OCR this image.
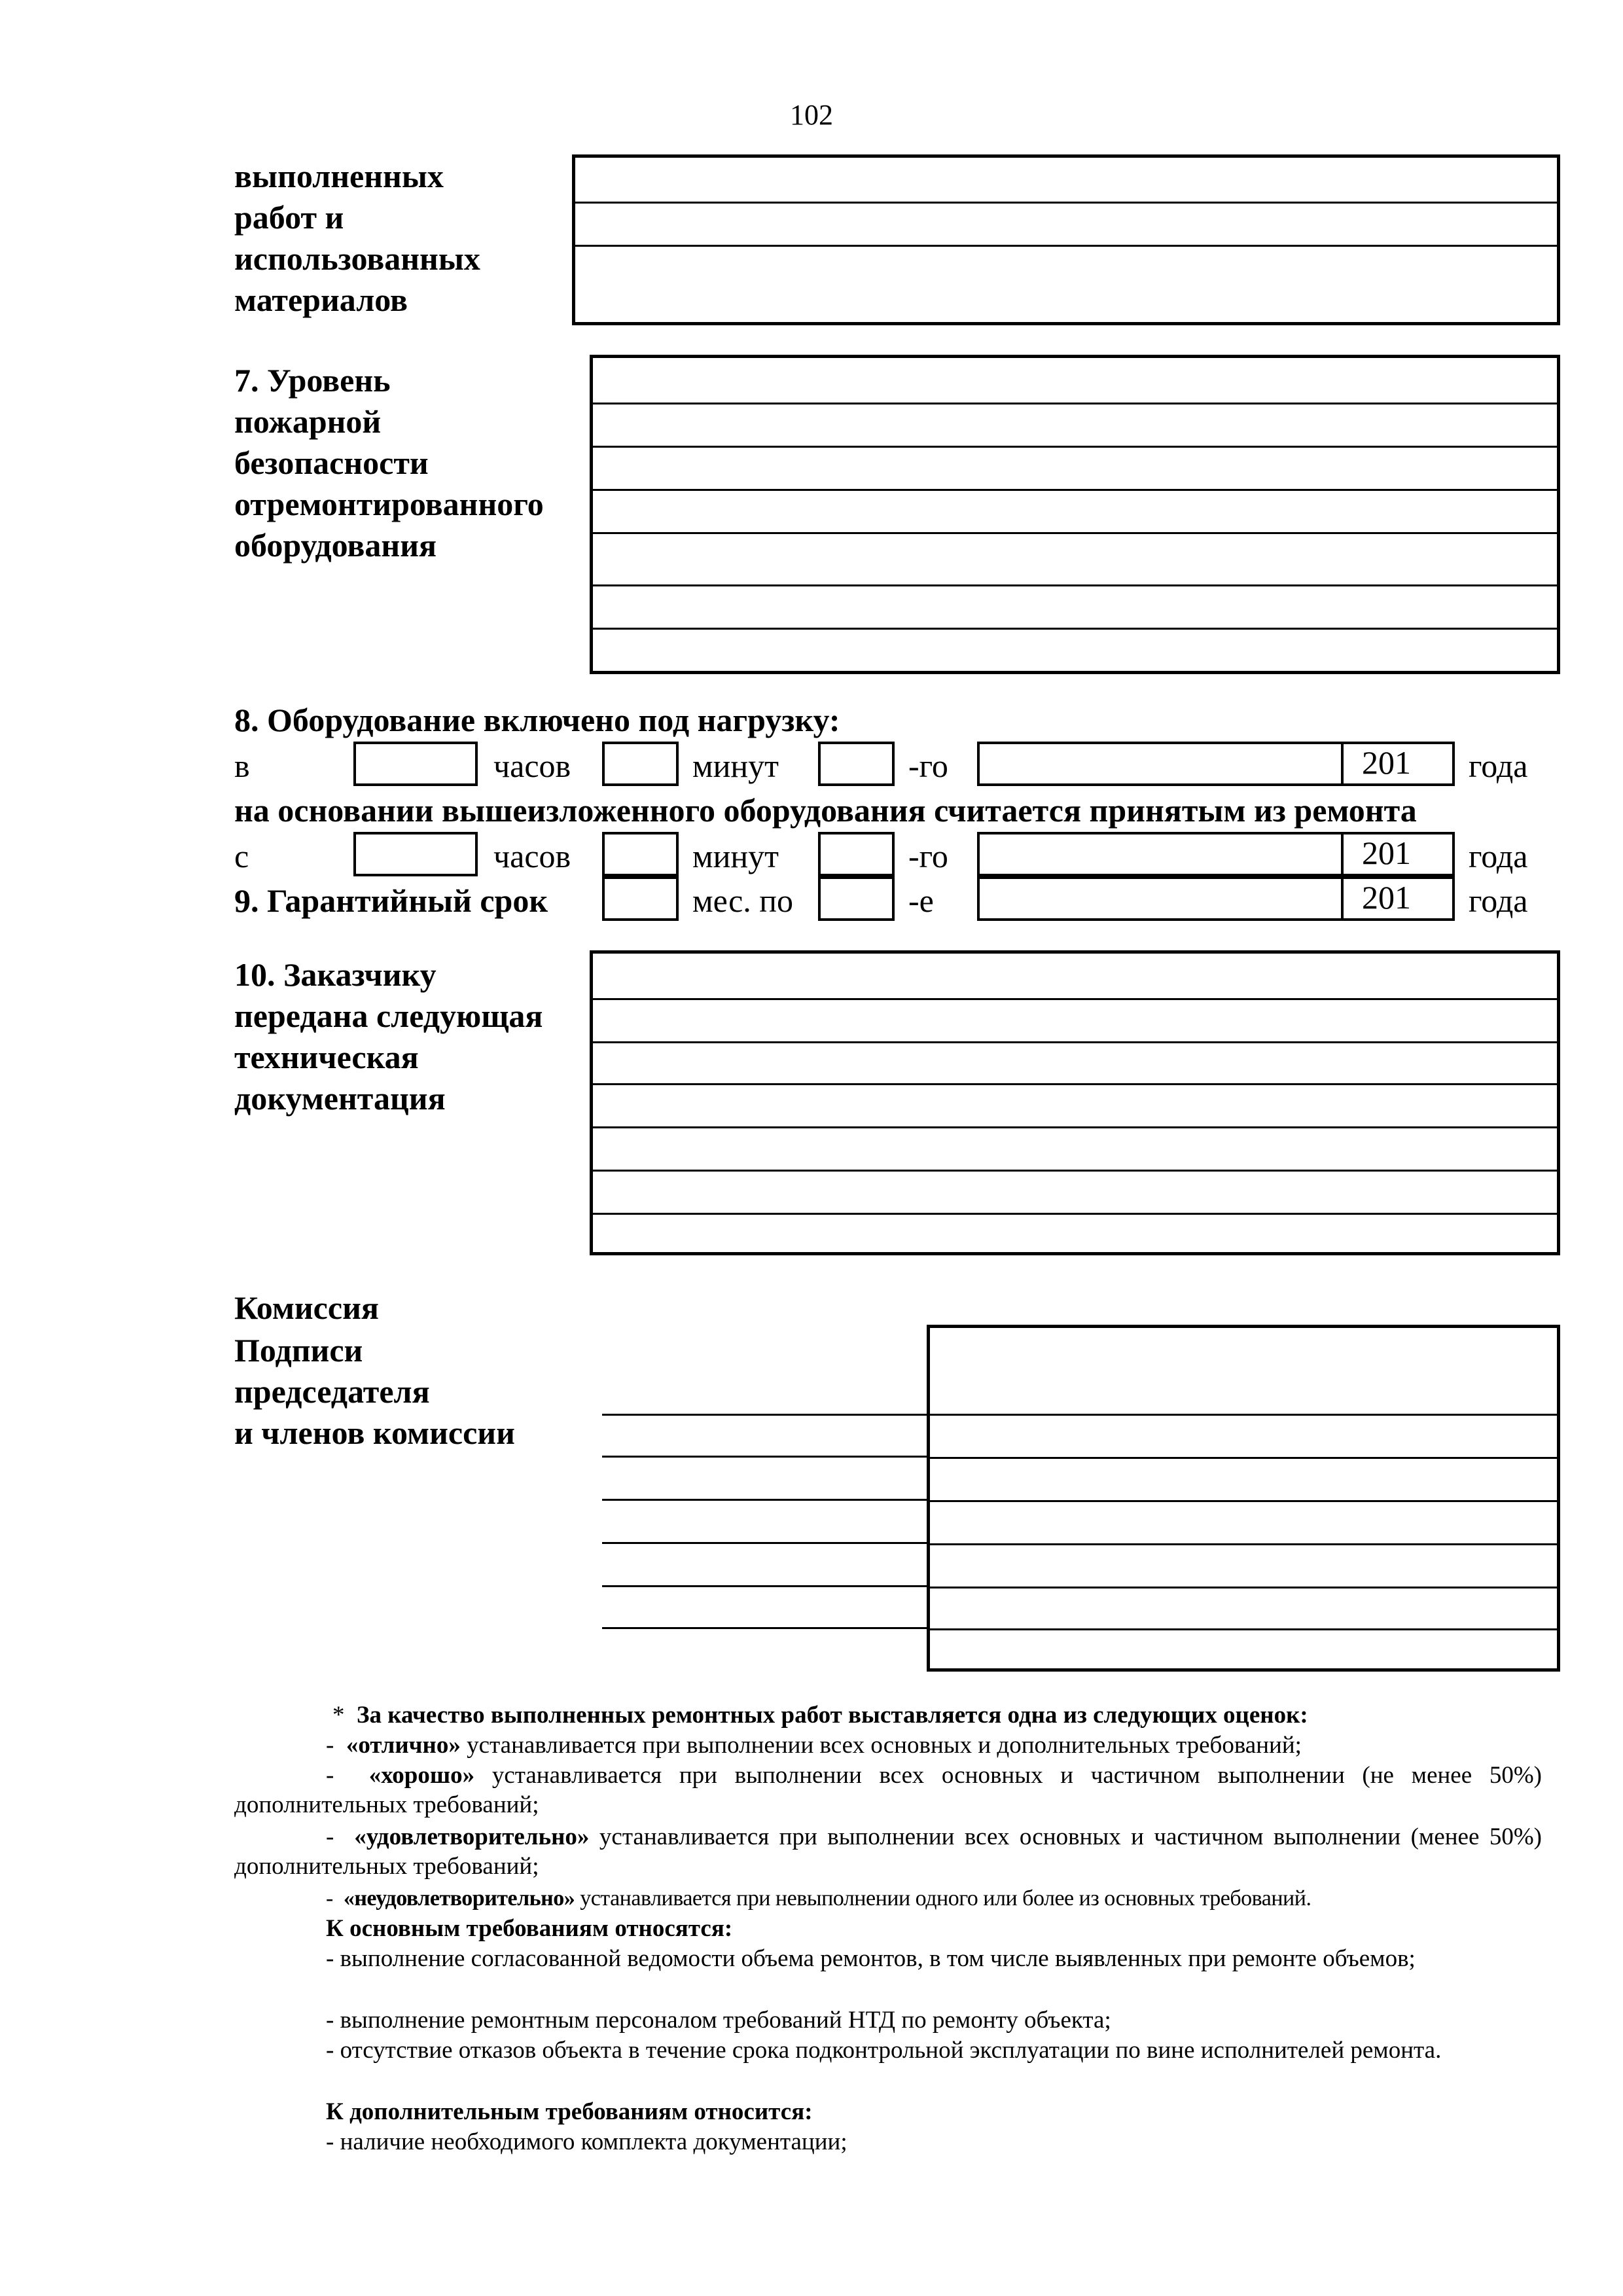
102
выполненных
работ и
использованных
материалов
7. Уровень
пожарной
безопасности
отремонтированного
оборудования
8. Оборудование включено под нагрузку:
в	часов	минут	-го	201 года
на основании вышеизложенного оборудования считается принятым из ремонта
с	часов	минут	-го	201 года
9. Гарантийный срок	мес. по	-е	201 года
10. Заказчику
передана следующая
техническая
документация
Комиссия
Подписи
председателя
и членов комиссии
* За качество выполненных ремонтных работ выставляется одна из следующих оценок:
- «отлично» устанавливается при выполнении всех основных и дополнительных требований;
- «хорошо» устанавливается при выполнении всех основных и частичном выполнении (не менее 50%) дополнительных требований;
- «удовлетворительно» устанавливается при выполнении всех основных и частичном выполнении (менее 50%) дополнительных требований;
- «неудовлетворительно» устанавливается при невыполнении одного или более из основных требований.
К основным требованиям относятся:
- выполнение согласованной ведомости объема ремонтов, в том числе выявленных при ремонте объемов;
- выполнение ремонтным персоналом требований НТД по ремонту объекта;
- отсутствие отказов объекта в течение срока подконтрольной эксплуатации по вине исполнителей ремонта.
К дополнительным требованиям относится:
- наличие необходимого комплекта документации;
